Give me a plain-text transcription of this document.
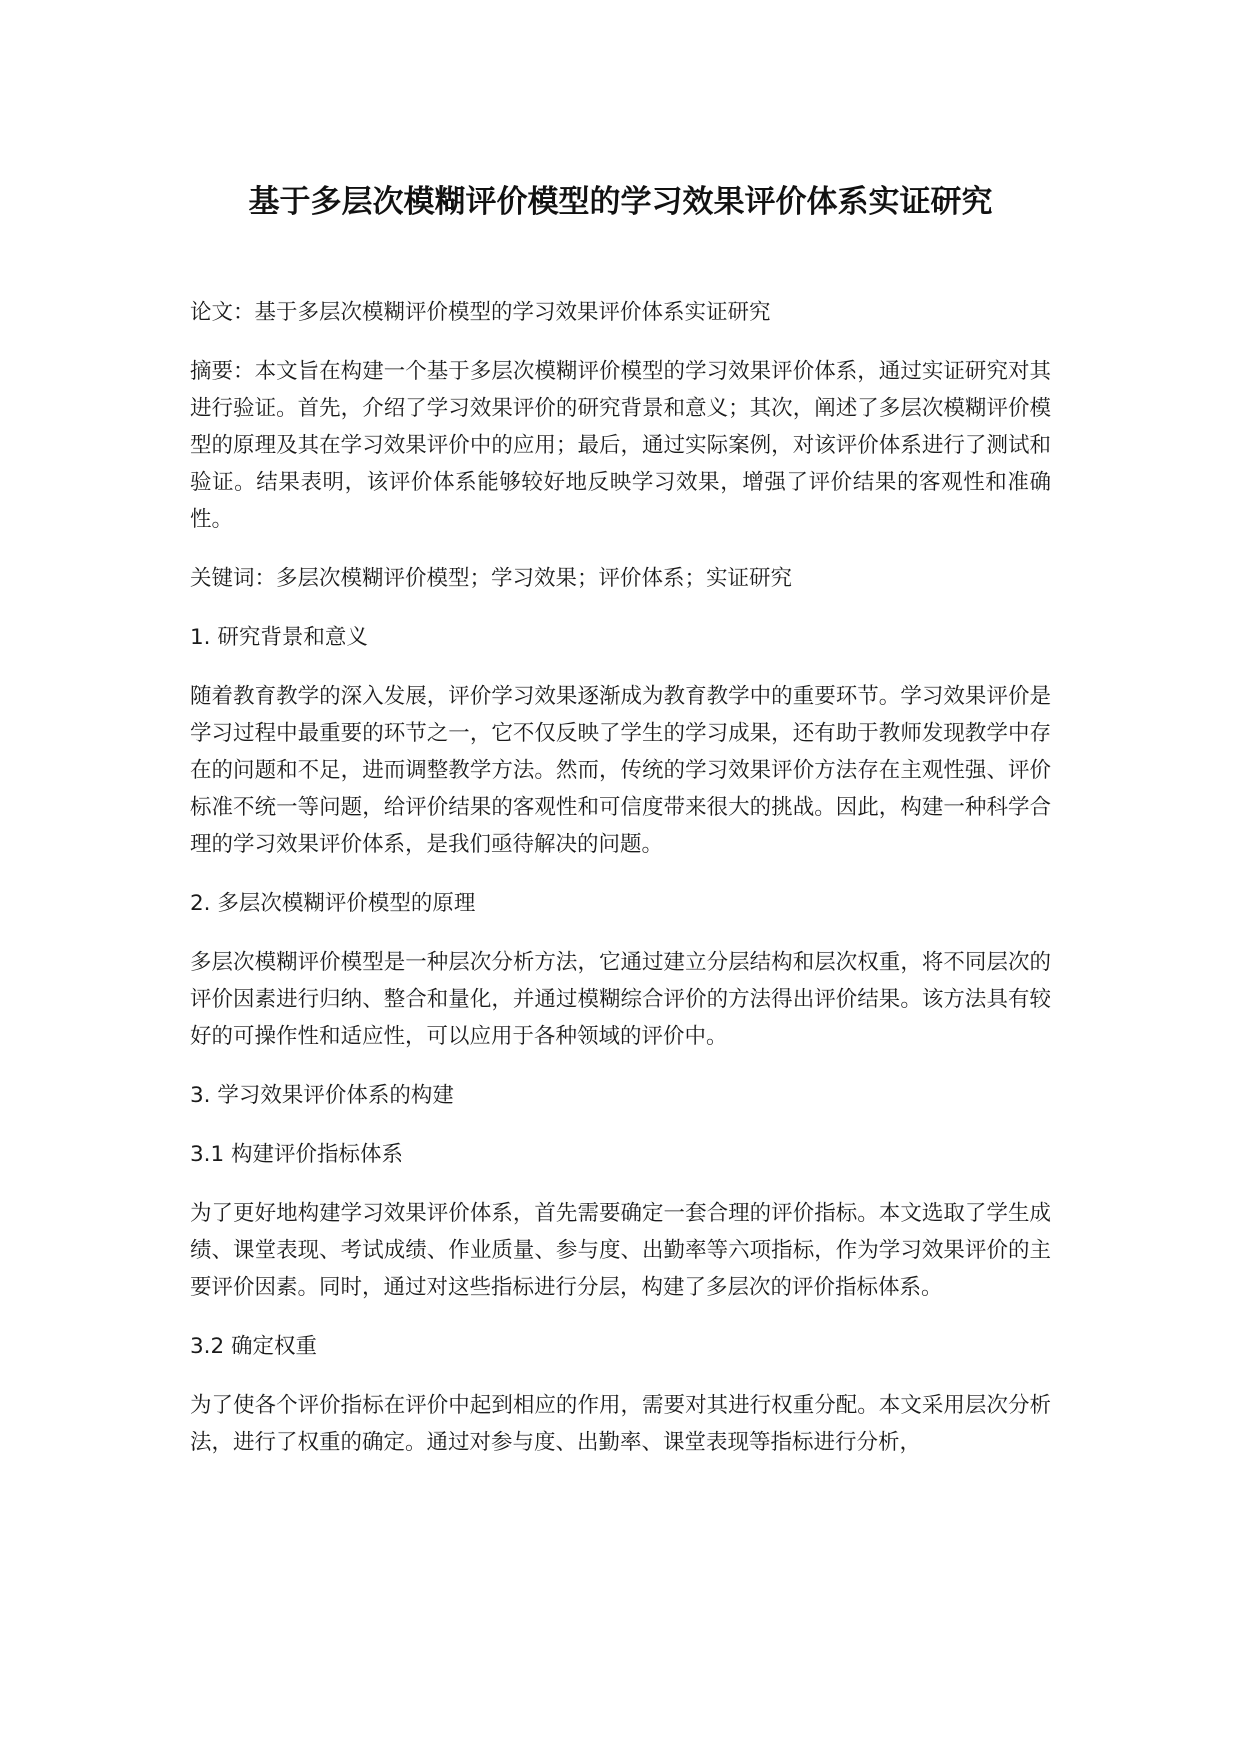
基于多层次模糊评价模型的学习效果评价体系实证研究

论文：基于多层次模糊评价模型的学习效果评价体系实证研究

摘要：本文旨在构建一个基于多层次模糊评价模型的学习效果评价体系，通过实证研究对其进行验证。首先，介绍了学习效果评价的研究背景和意义；其次，阐述了多层次模糊评价模型的原理及其在学习效果评价中的应用；最后，通过实际案例，对该评价体系进行了测试和验证。结果表明，该评价体系能够较好地反映学习效果，增强了评价结果的客观性和准确性。

关键词：多层次模糊评价模型；学习效果；评价体系；实证研究

1. 研究背景和意义

随着教育教学的深入发展，评价学习效果逐渐成为教育教学中的重要环节。学习效果评价是学习过程中最重要的环节之一，它不仅反映了学生的学习成果，还有助于教师发现教学中存在的问题和不足，进而调整教学方法。然而，传统的学习效果评价方法存在主观性强、评价标准不统一等问题，给评价结果的客观性和可信度带来很大的挑战。因此，构建一种科学合理的学习效果评价体系，是我们亟待解决的问题。

2. 多层次模糊评价模型的原理

多层次模糊评价模型是一种层次分析方法，它通过建立分层结构和层次权重，将不同层次的评价因素进行归纳、整合和量化，并通过模糊综合评价的方法得出评价结果。该方法具有较好的可操作性和适应性，可以应用于各种领域的评价中。

3. 学习效果评价体系的构建

3.1 构建评价指标体系

为了更好地构建学习效果评价体系，首先需要确定一套合理的评价指标。本文选取了学生成绩、课堂表现、考试成绩、作业质量、参与度、出勤率等六项指标，作为学习效果评价的主要评价因素。同时，通过对这些指标进行分层，构建了多层次的评价指标体系。

3.2 确定权重

为了使各个评价指标在评价中起到相应的作用，需要对其进行权重分配。本文采用层次分析法，进行了权重的确定。通过对参与度、出勤率、课堂表现等指标进行分析，
